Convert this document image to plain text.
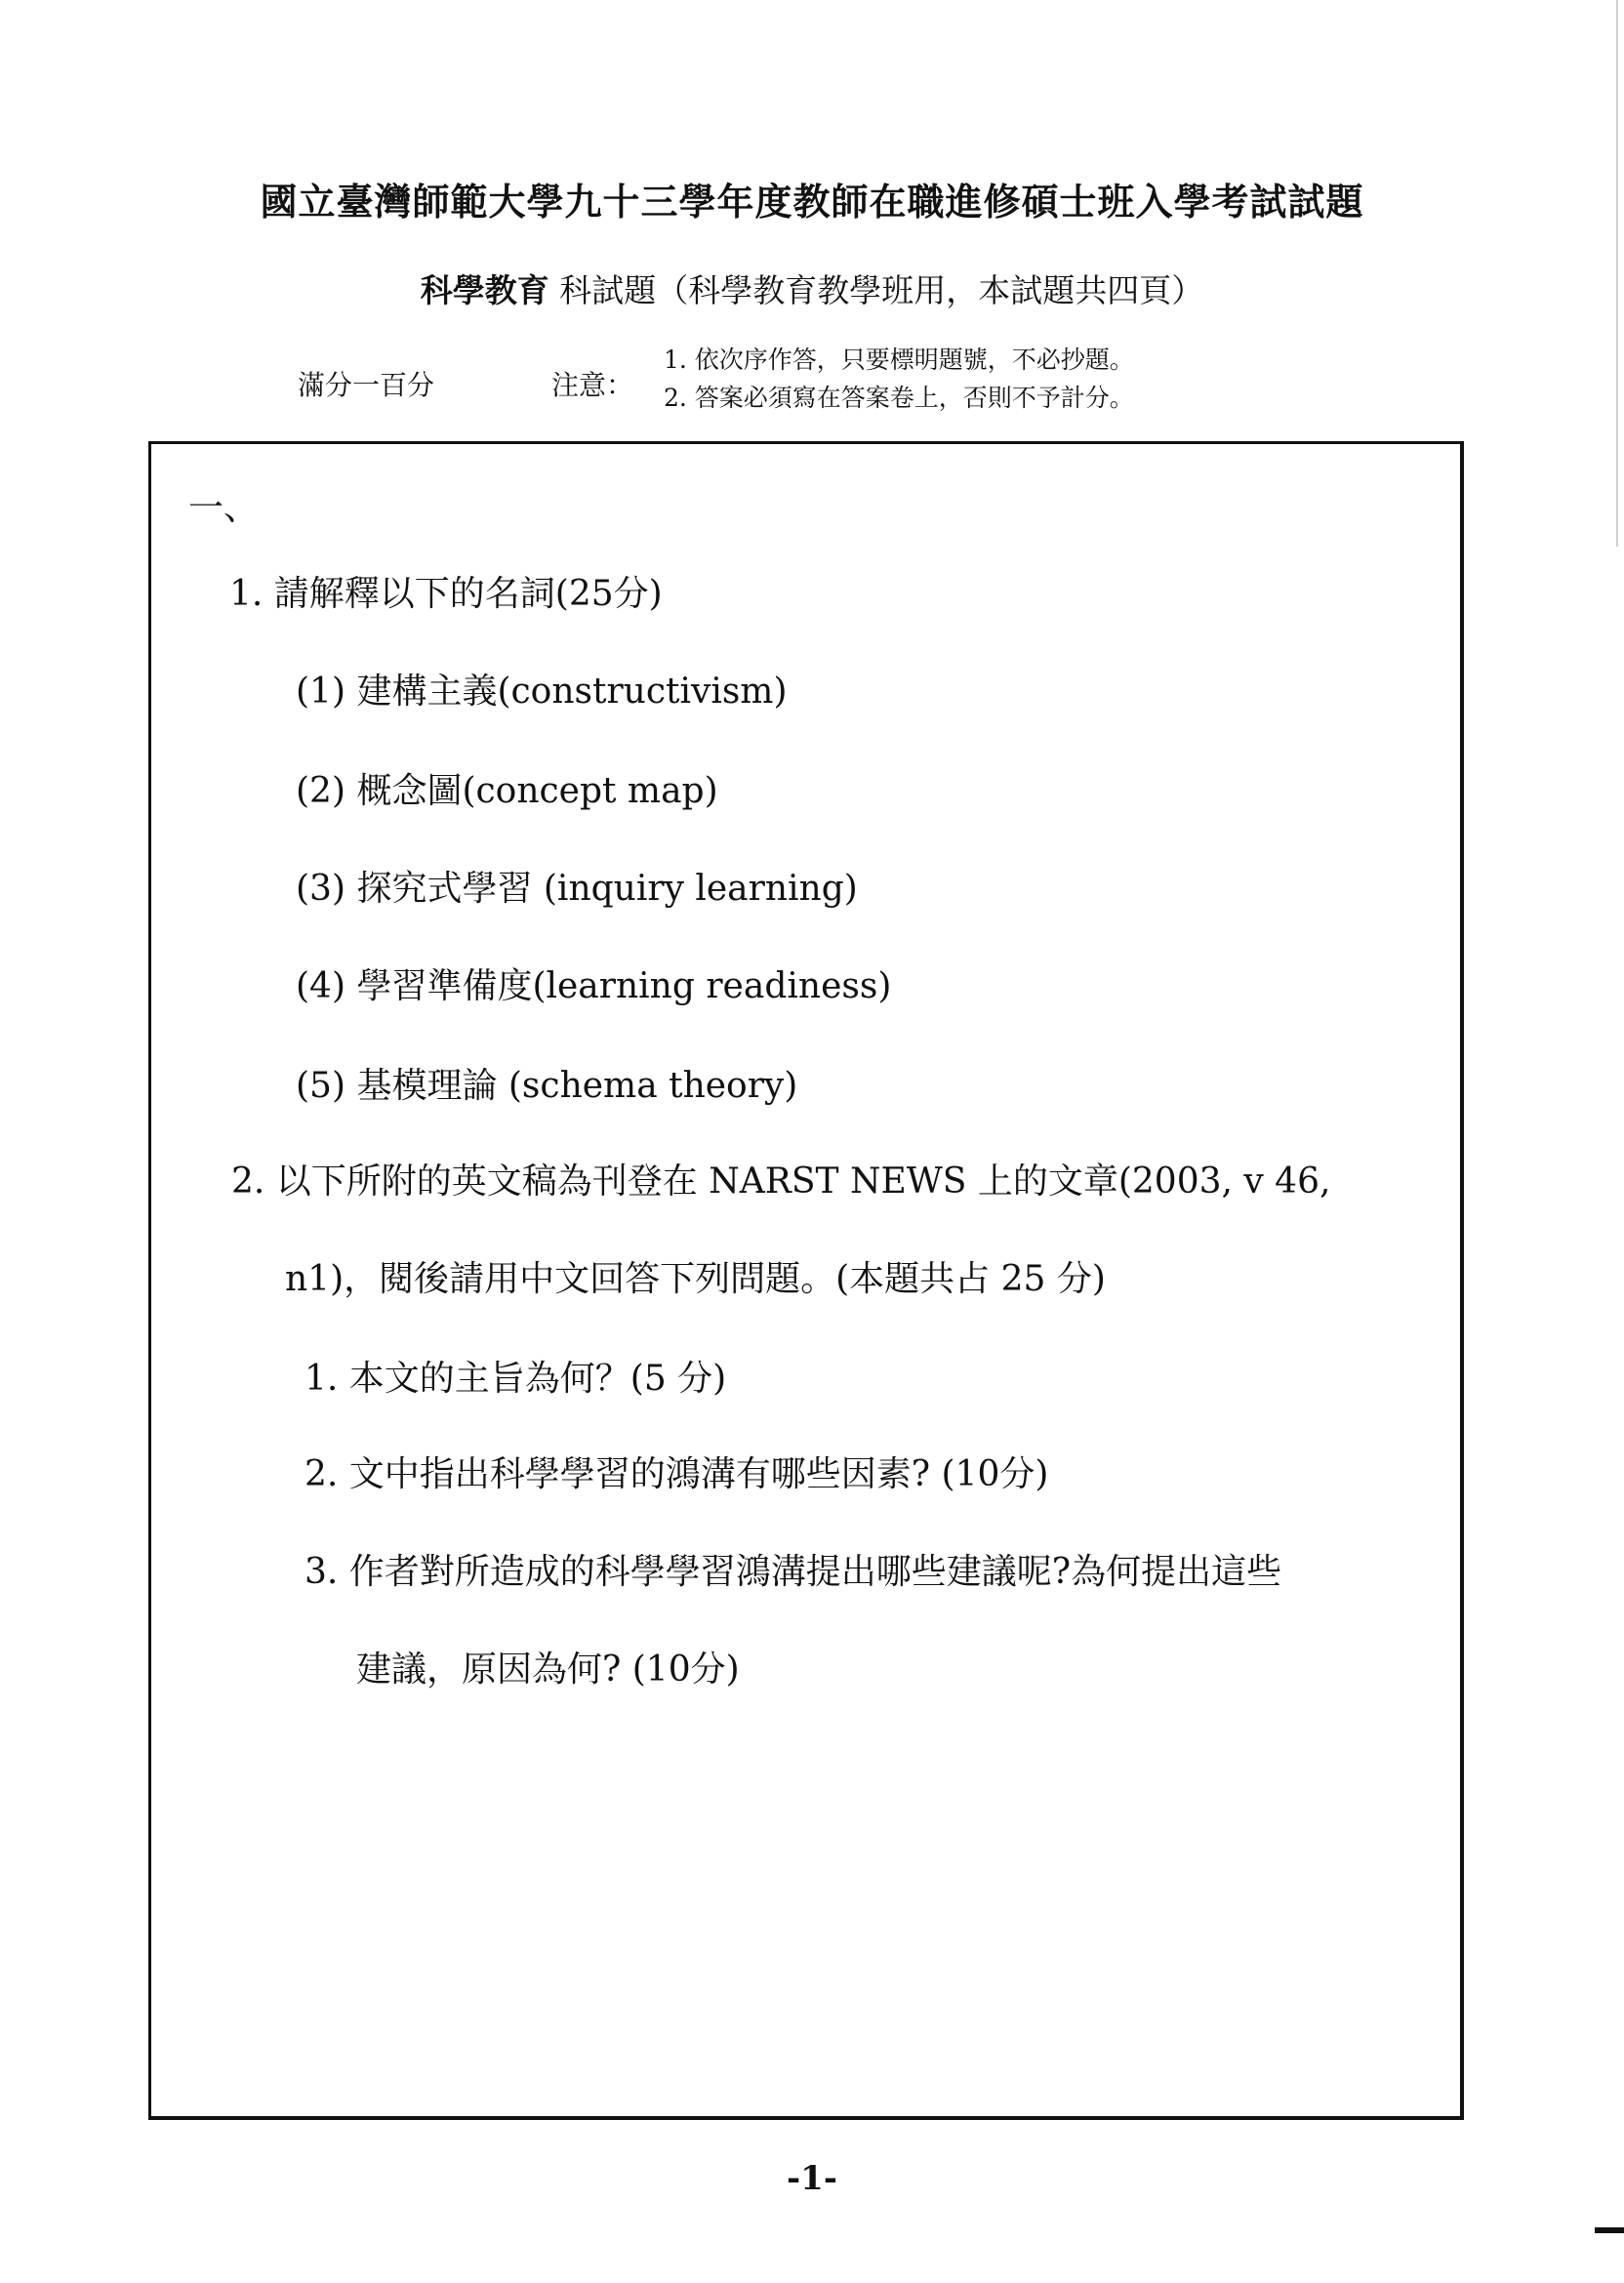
國立臺灣師範大學九十三學年度教師在職進修碩士班入學考試試題
科學教育 科試題（科學教育教學班用，本試題共四頁）
滿分一百分	注意：
1. 依次序作答，只要標明題號，不必抄題。
2. 答案必須寫在答案卷上，否則不予計分。
一、
1. 請解釋以下的名詞(25分)
(1) 建構主義(constructivism)
(2) 概念圖(concept map)
(3) 探究式學習 (inquiry learning)
(4) 學習準備度(learning readiness)
(5) 基模理論 (schema theory)
2. 以下所附的英文稿為刊登在 NARST NEWS 上的文章(2003, v 46,
n1)，閱後請用中文回答下列問題。(本題共占 25 分)
1. 本文的主旨為何？(5 分)
2. 文中指出科學學習的鴻溝有哪些因素? (10分)
3. 作者對所造成的科學學習鴻溝提出哪些建議呢?為何提出這些
建議，原因為何? (10分)
-1-
